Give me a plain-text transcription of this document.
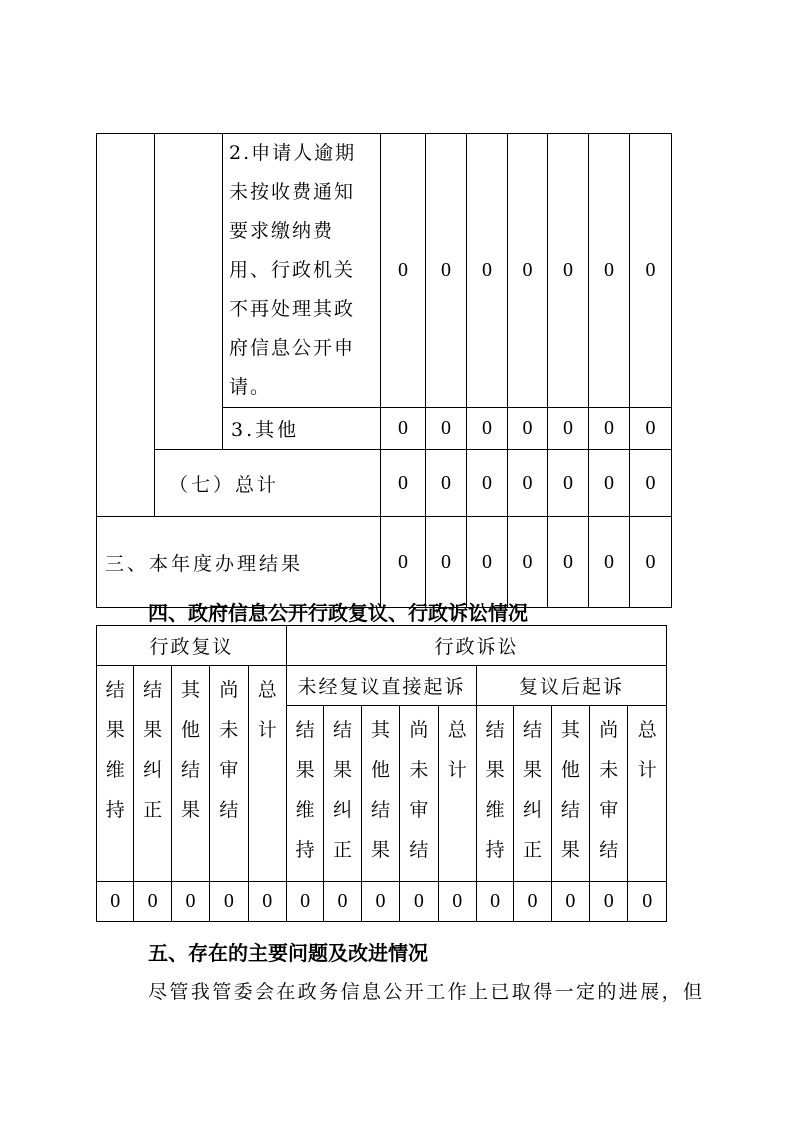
		2.申请人逾期未按收费通知要求缴纳费用、行政机关不再处理其政府信息公开申请。	0	0	0	0	0	0	0
		3.其他	0	0	0	0	0	0	0
	（七）总计		0	0	0	0	0	0	0
三、本年度办理结果			0	0	0	0	0	0	0
四、政府信息公开行政复议、行政诉讼情况
行政复议					行政诉讼									

结果维持	结果纠正	其他结果	尚未审结	总计	未经复议直接起诉					复议后起诉				

					结果维持	结果纠正	其他结果	尚未审结	总计	结果维持	结果纠正	其他结果	尚未审结	总计

0	0	0	0	0	0	0	0	0	0	0	0	0	0	0
五、存在的主要问题及改进情况
尽管我管委会在政务信息公开工作上已取得一定的进展，但
